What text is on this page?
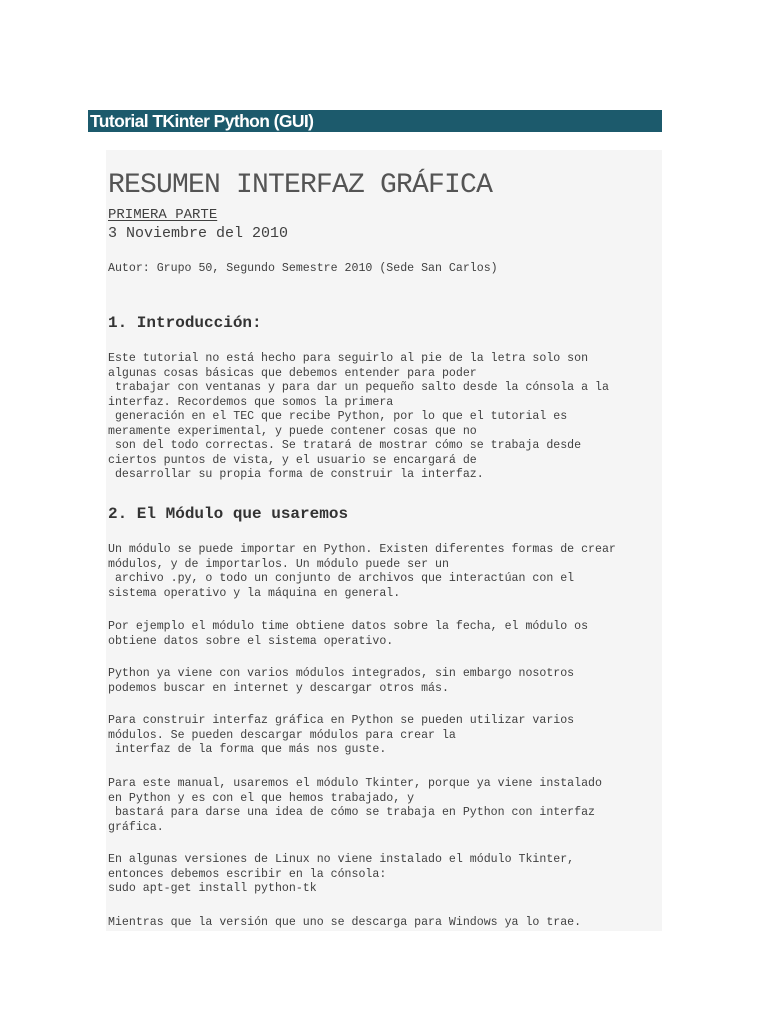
Tutorial TKinter Python (GUI)
RESUMEN INTERFAZ GRÁFICA
PRIMERA PARTE
3 Noviembre del 2010
Autor: Grupo 50, Segundo Semestre 2010 (Sede San Carlos)
1. Introducción:
Este tutorial no está hecho para seguirlo al pie de la letra solo son
algunas cosas básicas que debemos entender para poder
trabajar con ventanas y para dar un pequeño salto desde la cónsola a la
interfaz. Recordemos que somos la primera
generación en el TEC que recibe Python, por lo que el tutorial es
meramente experimental, y puede contener cosas que no
son del todo correctas. Se tratará de mostrar cómo se trabaja desde
ciertos puntos de vista, y el usuario se encargará de
desarrollar su propia forma de construir la interfaz.
2. El Módulo que usaremos
Un módulo se puede importar en Python. Existen diferentes formas de crear
módulos, y de importarlos. Un módulo puede ser un
archivo .py, o todo un conjunto de archivos que interactúan con el
sistema operativo y la máquina en general.
Por ejemplo el módulo time obtiene datos sobre la fecha, el módulo os
obtiene datos sobre el sistema operativo.
Python ya viene con varios módulos integrados, sin embargo nosotros
podemos buscar en internet y descargar otros más.
Para construir interfaz gráfica en Python se pueden utilizar varios
módulos. Se pueden descargar módulos para crear la
interfaz de la forma que más nos guste.
Para este manual, usaremos el módulo Tkinter, porque ya viene instalado
en Python y es con el que hemos trabajado, y
bastará para darse una idea de cómo se trabaja en Python con interfaz
gráfica.
En algunas versiones de Linux no viene instalado el módulo Tkinter,
entonces debemos escribir en la cónsola:
sudo apt-get install python-tk
Mientras que la versión que uno se descarga para Windows ya lo trae.
